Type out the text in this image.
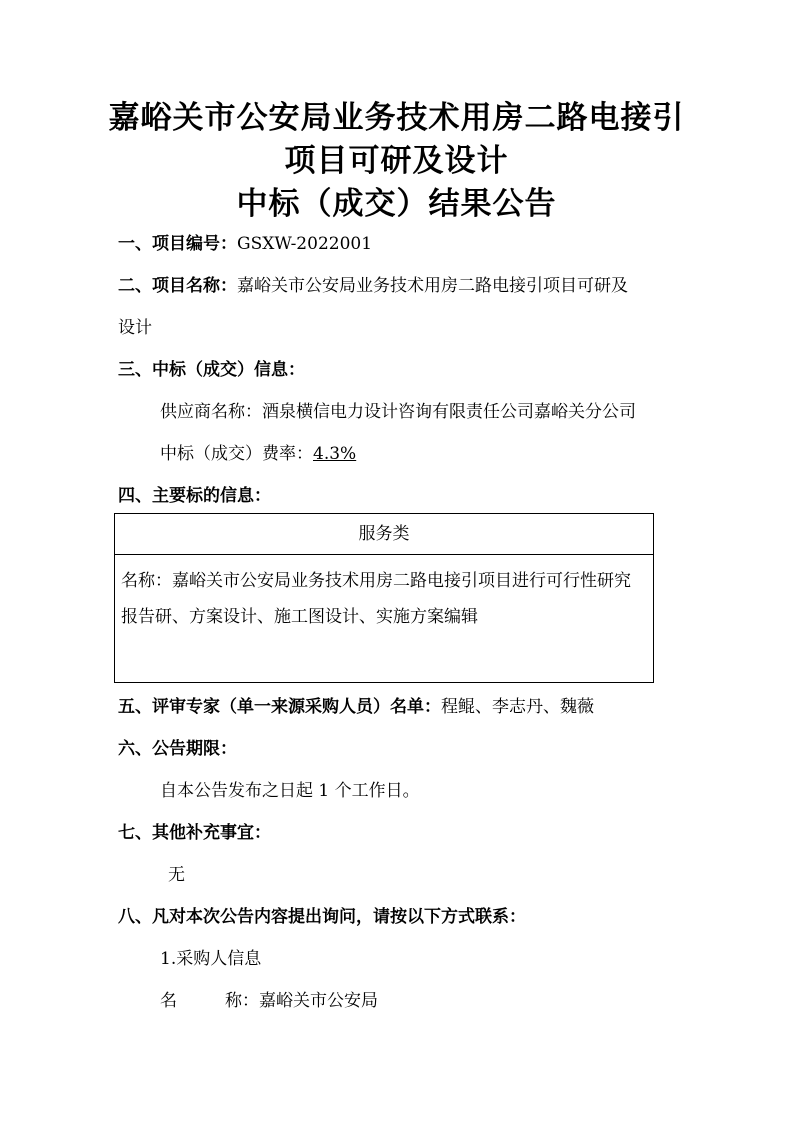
嘉峪关市公安局业务技术用房二路电接引
项目可研及设计
中标（成交）结果公告
一、项目编号：GSXW-2022001
二、项目名称：嘉峪关市公安局业务技术用房二路电接引项目可研及
设计
三、中标（成交）信息：
供应商名称：酒泉横信电力设计咨询有限责任公司嘉峪关分公司
中标（成交）费率：4.3%
四、主要标的信息：
服务类
名称：嘉峪关市公安局业务技术用房二路电接引项目进行可行性研究报告研、方案设计、施工图设计、实施方案编辑
五、评审专家（单一来源采购人员）名单：程鲲、李志丹、魏薇
六、公告期限：
自本公告发布之日起 1 个工作日。
七、其他补充事宜：
无
八、凡对本次公告内容提出询问，请按以下方式联系：
1.采购人信息
名	称：嘉峪关市公安局
